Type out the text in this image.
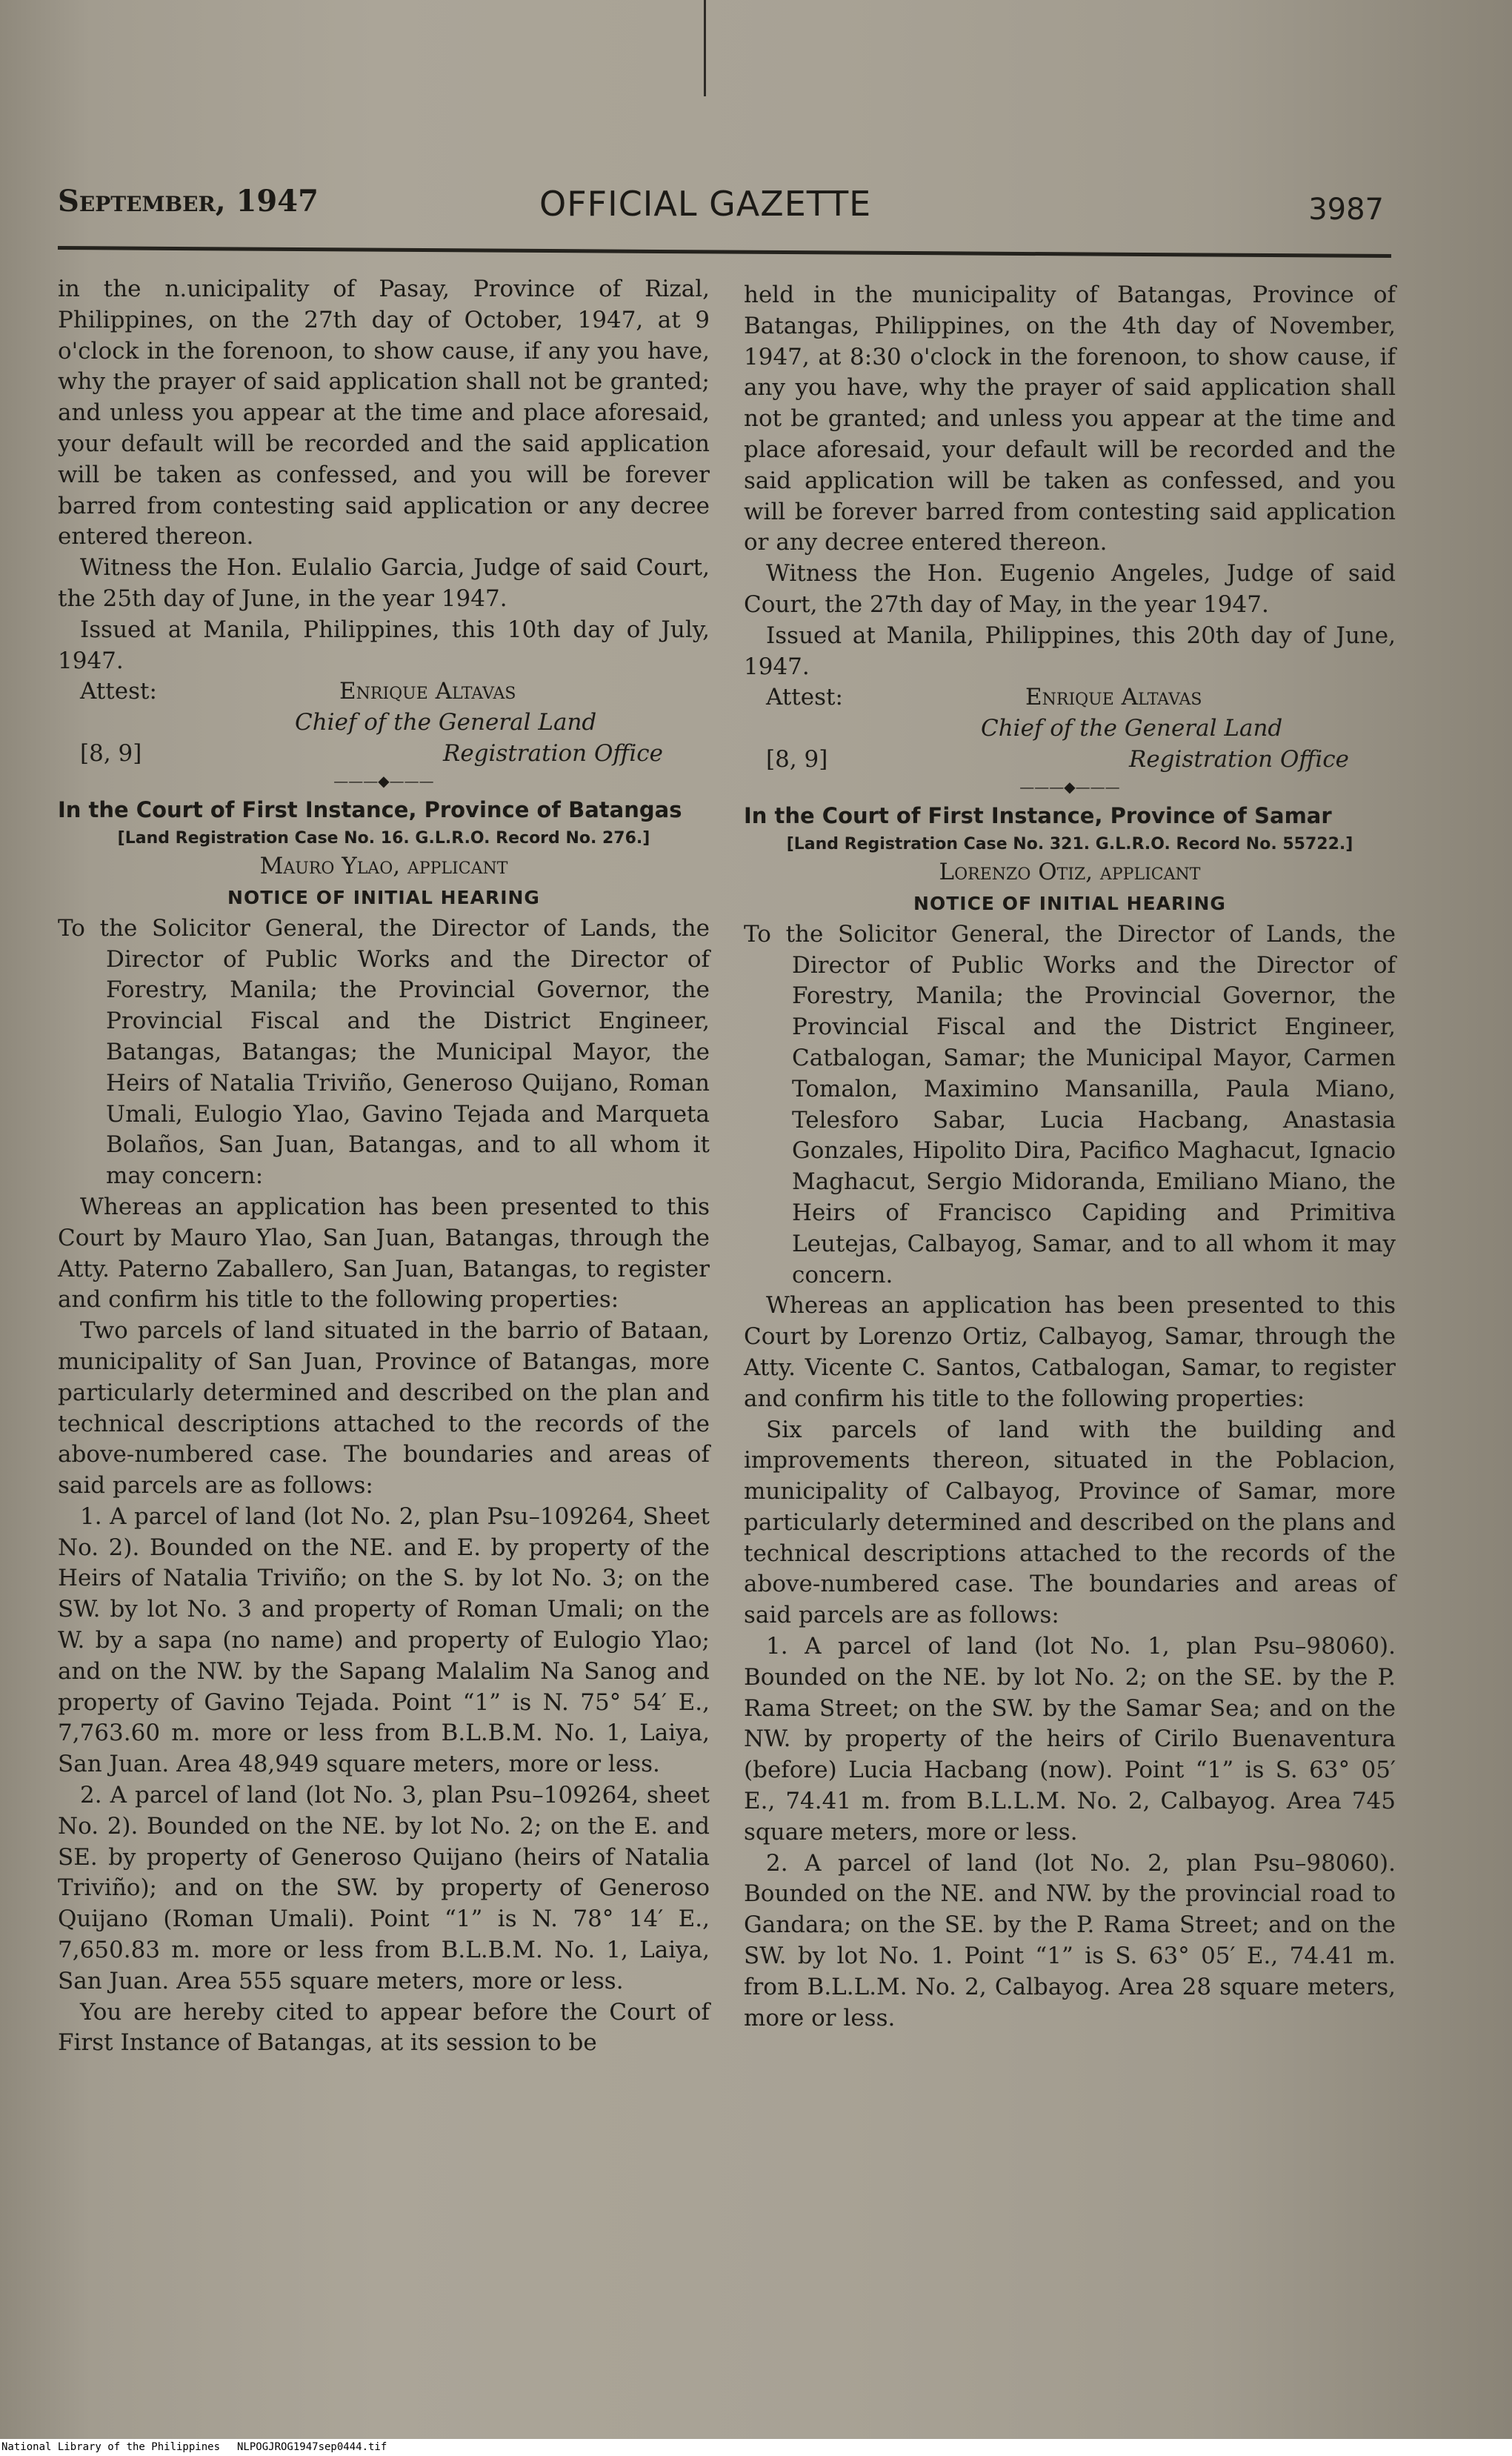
September, 1947	OFFICIAL GAZETTE	3987

in the n.unicipality of Pasay, Province of Rizal, Philippines, on the 27th day of October, 1947, at 9 o'clock in the forenoon, to show cause, if any you have, why the prayer of said application shall not be granted; and unless you appear at the time and place aforesaid, your default will be recorded and the said application will be taken as confessed, and you will be forever barred from contesting said application or any decree entered thereon.

Witness the Hon. Eulalio Garcia, Judge of said Court, the 25th day of June, in the year 1947.

Issued at Manila, Philippines, this 10th day of July, 1947.

Attest:	Enrique Altavas
Chief of the General Land
[8, 9]	Registration Office
———◆———

In the Court of First Instance, Province of Batangas

[Land Registration Case No. 16. G.L.R.O. Record No. 276.]

Mauro Ylao, applicant

NOTICE OF INITIAL HEARING

To the Solicitor General, the Director of Lands, the Director of Public Works and the Director of Forestry, Manila; the Provincial Governor, the Provincial Fiscal and the District Engineer, Batangas, Batangas; the Municipal Mayor, the Heirs of Natalia Triviño, Generoso Quijano, Roman Umali, Eulogio Ylao, Gavino Tejada and Marqueta Bolaños, San Juan, Batangas, and to all whom it may concern:

Whereas an application has been presented to this Court by Mauro Ylao, San Juan, Batangas, through the Atty. Paterno Zaballero, San Juan, Batangas, to register and confirm his title to the following properties:

Two parcels of land situated in the barrio of Bataan, municipality of San Juan, Province of Batangas, more particularly determined and described on the plan and technical descriptions attached to the records of the above-numbered case. The boundaries and areas of said parcels are as follows:

1. A parcel of land (lot No. 2, plan Psu–109264, Sheet No. 2). Bounded on the NE. and E. by property of the Heirs of Natalia Triviño; on the S. by lot No. 3; on the SW. by lot No. 3 and property of Roman Umali; on the W. by a sapa (no name) and property of Eulogio Ylao; and on the NW. by the Sapang Malalim Na Sanog and property of Gavino Tejada. Point “1” is N. 75° 54′ E., 7,763.60 m. more or less from B.L.B.M. No. 1, Laiya, San Juan. Area 48,949 square meters, more or less.

2. A parcel of land (lot No. 3, plan Psu–109264, sheet No. 2). Bounded on the NE. by lot No. 2; on the E. and SE. by property of Generoso Quijano (heirs of Natalia Triviño); and on the SW. by property of Generoso Quijano (Roman Umali). Point “1” is N. 78° 14′ E., 7,650.83 m. more or less from B.L.B.M. No. 1, Laiya, San Juan. Area 555 square meters, more or less.

You are hereby cited to appear before the Court of First Instance of Batangas, at its session to be

held in the municipality of Batangas, Province of Batangas, Philippines, on the 4th day of November, 1947, at 8:30 o'clock in the forenoon, to show cause, if any you have, why the prayer of said application shall not be granted; and unless you appear at the time and place aforesaid, your default will be recorded and the said application will be taken as confessed, and you will be forever barred from contesting said application or any decree entered thereon.

Witness the Hon. Eugenio Angeles, Judge of said Court, the 27th day of May, in the year 1947.

Issued at Manila, Philippines, this 20th day of June, 1947.

Attest:	Enrique Altavas
Chief of the General Land
[8, 9]	Registration Office
———◆———

In the Court of First Instance, Province of Samar

[Land Registration Case No. 321. G.L.R.O. Record No. 55722.]

Lorenzo Otiz, applicant

NOTICE OF INITIAL HEARING

To the Solicitor General, the Director of Lands, the Director of Public Works and the Director of Forestry, Manila; the Provincial Governor, the Provincial Fiscal and the District Engineer, Catbalogan, Samar; the Municipal Mayor, Carmen Tomalon, Maximino Mansanilla, Paula Miano, Telesforo Sabar, Lucia Hacbang, Anastasia Gonzales, Hipolito Dira, Pacifico Maghacut, Ignacio Maghacut, Sergio Midoranda, Emiliano Miano, the Heirs of Francisco Capiding and Primitiva Leutejas, Calbayog, Samar, and to all whom it may concern.

Whereas an application has been presented to this Court by Lorenzo Ortiz, Calbayog, Samar, through the Atty. Vicente C. Santos, Catbalogan, Samar, to register and confirm his title to the following properties:

Six parcels of land with the building and improvements thereon, situated in the Poblacion, municipality of Calbayog, Province of Samar, more particularly determined and described on the plans and technical descriptions attached to the records of the above-numbered case. The boundaries and areas of said parcels are as follows:

1. A parcel of land (lot No. 1, plan Psu–98060). Bounded on the NE. by lot No. 2; on the SE. by the P. Rama Street; on the SW. by the Samar Sea; and on the NW. by property of the heirs of Cirilo Buenaventura (before) Lucia Hacbang (now). Point “1” is S. 63° 05′ E., 74.41 m. from B.L.L.M. No. 2, Calbayog. Area 745 square meters, more or less.

2. A parcel of land (lot No. 2, plan Psu–98060). Bounded on the NE. and NW. by the provincial road to Gandara; on the SE. by the P. Rama Street; and on the SW. by lot No. 1. Point “1” is S. 63° 05′ E., 74.41 m. from B.L.L.M. No. 2, Calbayog. Area 28 square meters, more or less.

National Library of the Philippines NLPOGJROG1947sep0444.tif
